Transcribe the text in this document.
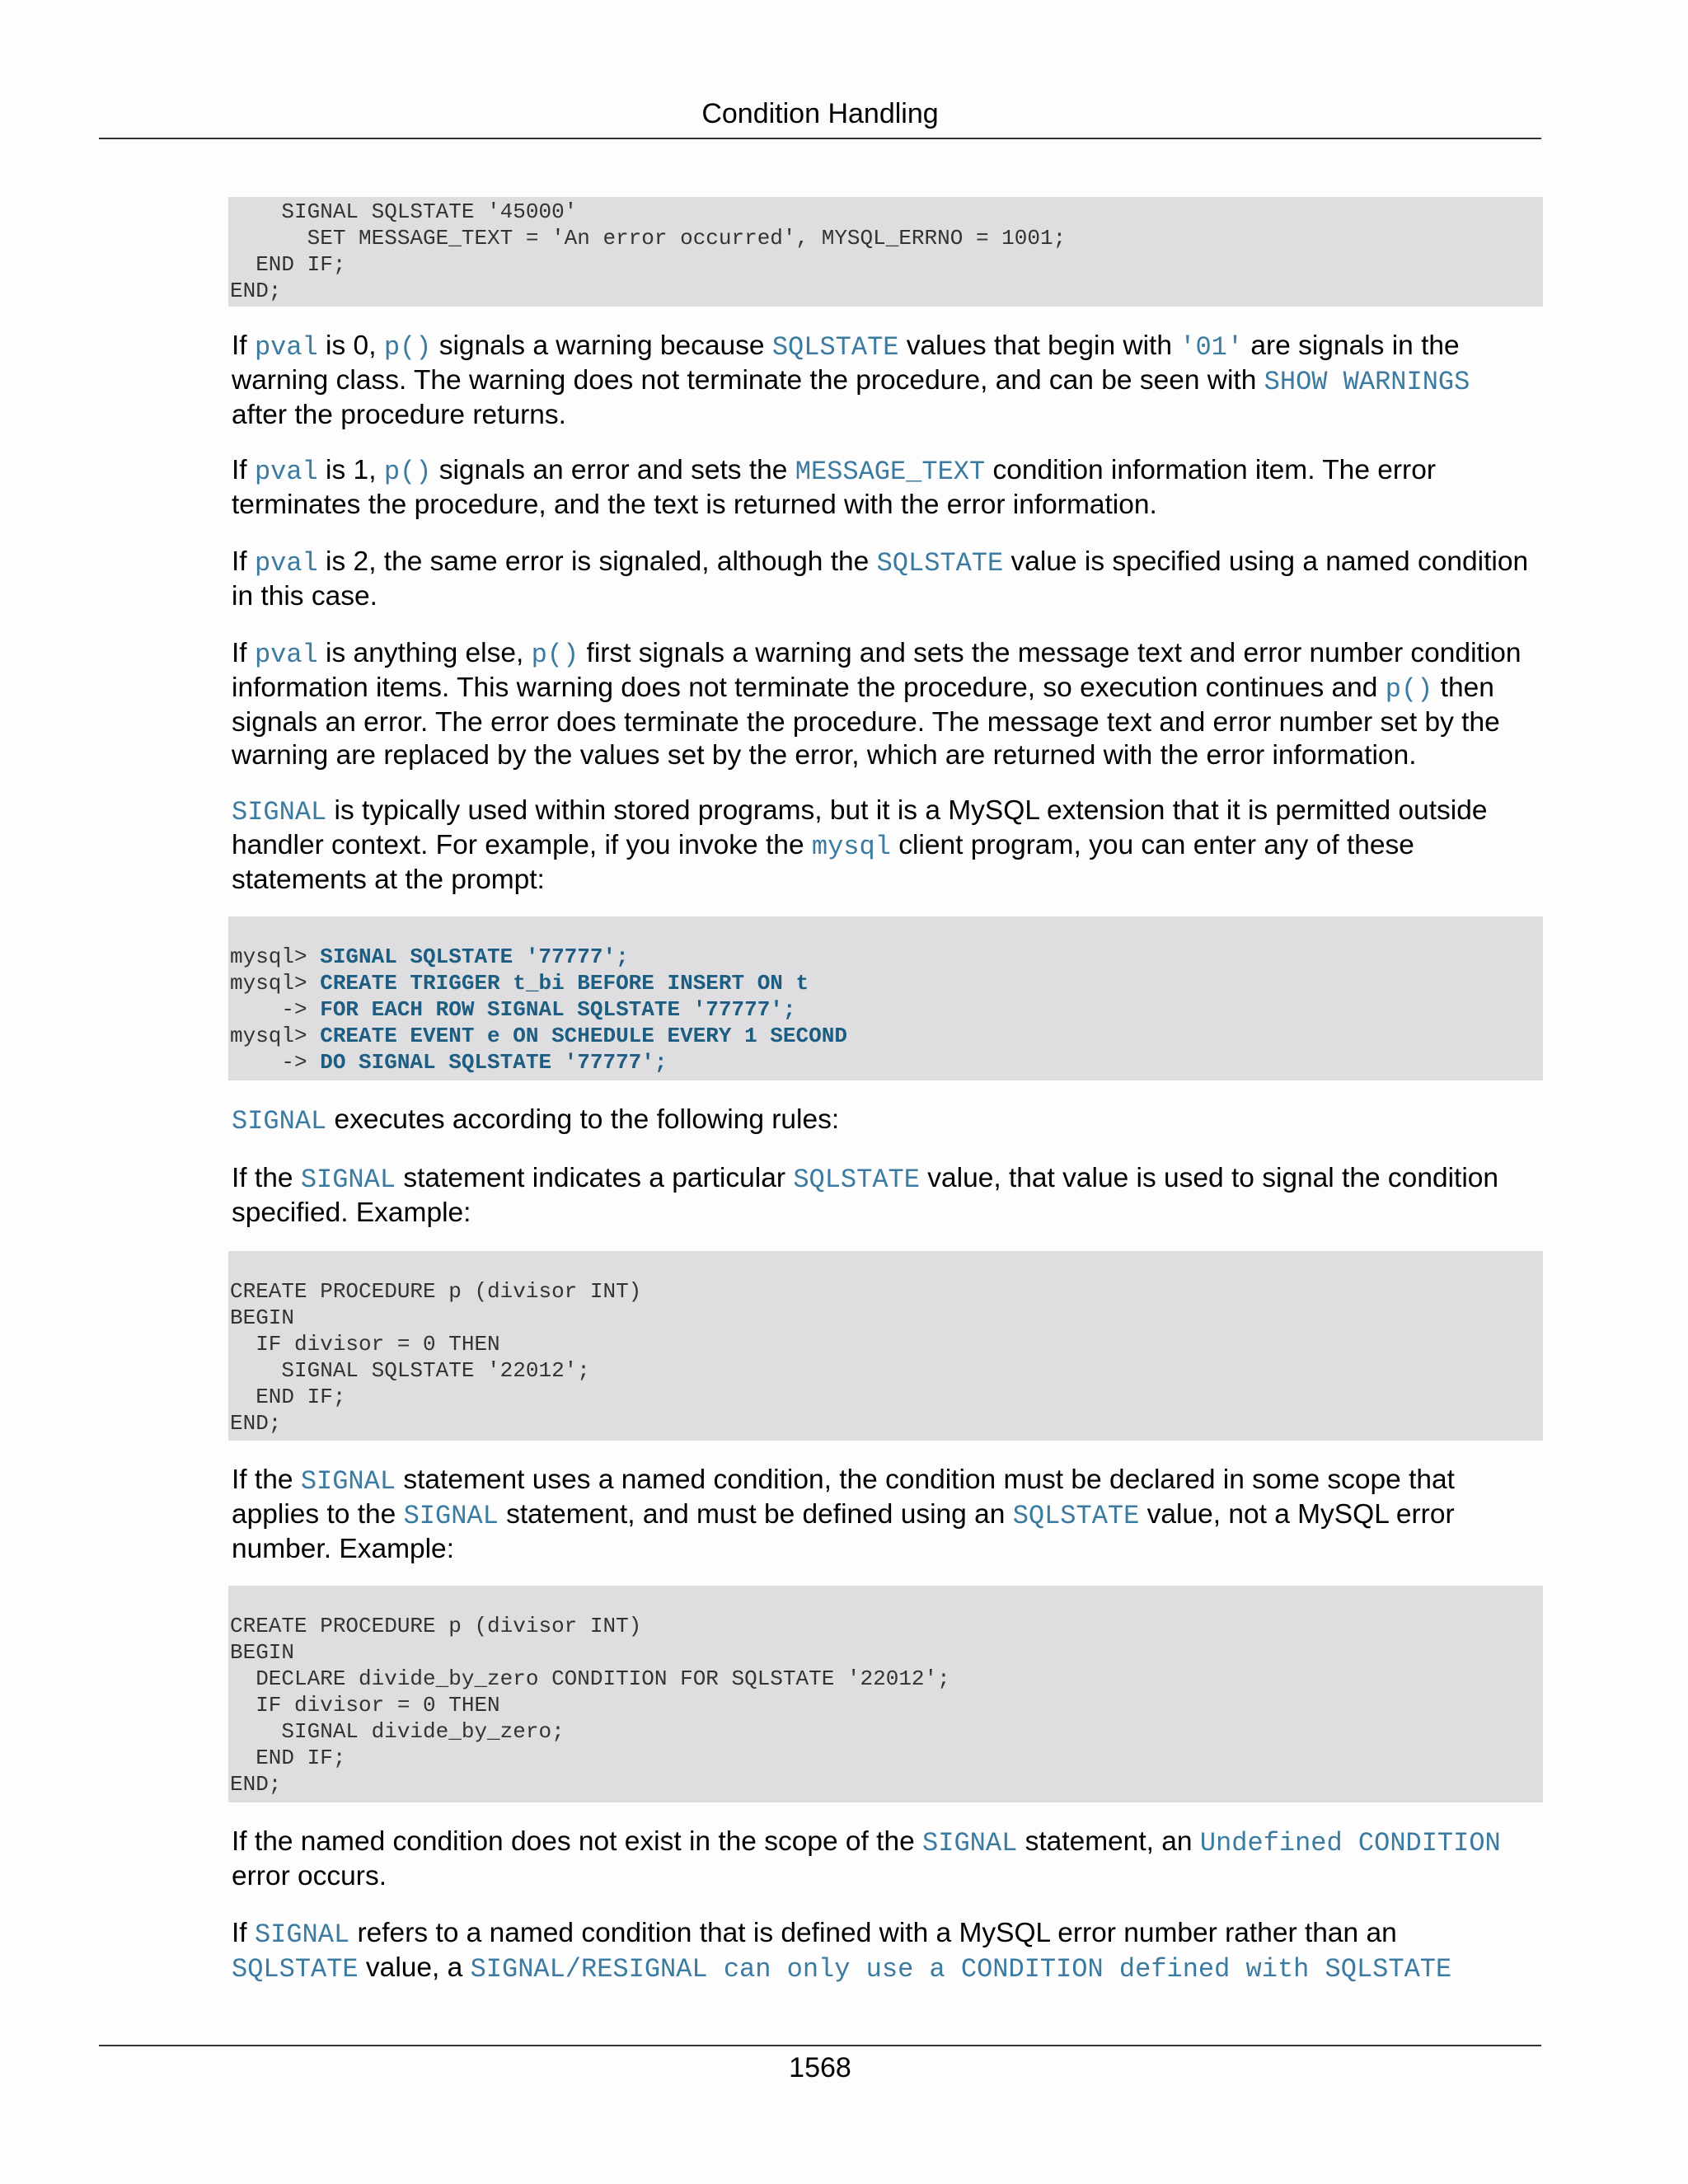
Condition Handling
SIGNAL SQLSTATE '45000'
SET MESSAGE_TEXT = 'An error occurred', MYSQL_ERRNO = 1001;
END IF;
END;
If pval is 0, p() signals a warning because SQLSTATE values that begin with '01' are signals in the
warning class. The warning does not terminate the procedure, and can be seen with SHOW WARNINGS
after the procedure returns.
If pval is 1, p() signals an error and sets the MESSAGE_TEXT condition information item. The error
terminates the procedure, and the text is returned with the error information.
If pval is 2, the same error is signaled, although the SQLSTATE value is specified using a named condition
in this case.
If pval is anything else, p() first signals a warning and sets the message text and error number condition
information items. This warning does not terminate the procedure, so execution continues and p() then
signals an error. The error does terminate the procedure. The message text and error number set by the
warning are replaced by the values set by the error, which are returned with the error information.
SIGNAL is typically used within stored programs, but it is a MySQL extension that it is permitted outside
handler context. For example, if you invoke the mysql client program, you can enter any of these
statements at the prompt:
mysql> SIGNAL SQLSTATE '77777';
mysql> CREATE TRIGGER t_bi BEFORE INSERT ON t
-> FOR EACH ROW SIGNAL SQLSTATE '77777';
mysql> CREATE EVENT e ON SCHEDULE EVERY 1 SECOND
-> DO SIGNAL SQLSTATE '77777';
SIGNAL executes according to the following rules:
If the SIGNAL statement indicates a particular SQLSTATE value, that value is used to signal the condition
specified. Example:
CREATE PROCEDURE p (divisor INT)
BEGIN
IF divisor = 0 THEN
SIGNAL SQLSTATE '22012';
END IF;
END;
If the SIGNAL statement uses a named condition, the condition must be declared in some scope that
applies to the SIGNAL statement, and must be defined using an SQLSTATE value, not a MySQL error
number. Example:
CREATE PROCEDURE p (divisor INT)
BEGIN
DECLARE divide_by_zero CONDITION FOR SQLSTATE '22012';
IF divisor = 0 THEN
SIGNAL divide_by_zero;
END IF;
END;
If the named condition does not exist in the scope of the SIGNAL statement, an Undefined CONDITION
error occurs.
If SIGNAL refers to a named condition that is defined with a MySQL error number rather than an
SQLSTATE value, a SIGNAL/RESIGNAL can only use a CONDITION defined with SQLSTATE
1568
